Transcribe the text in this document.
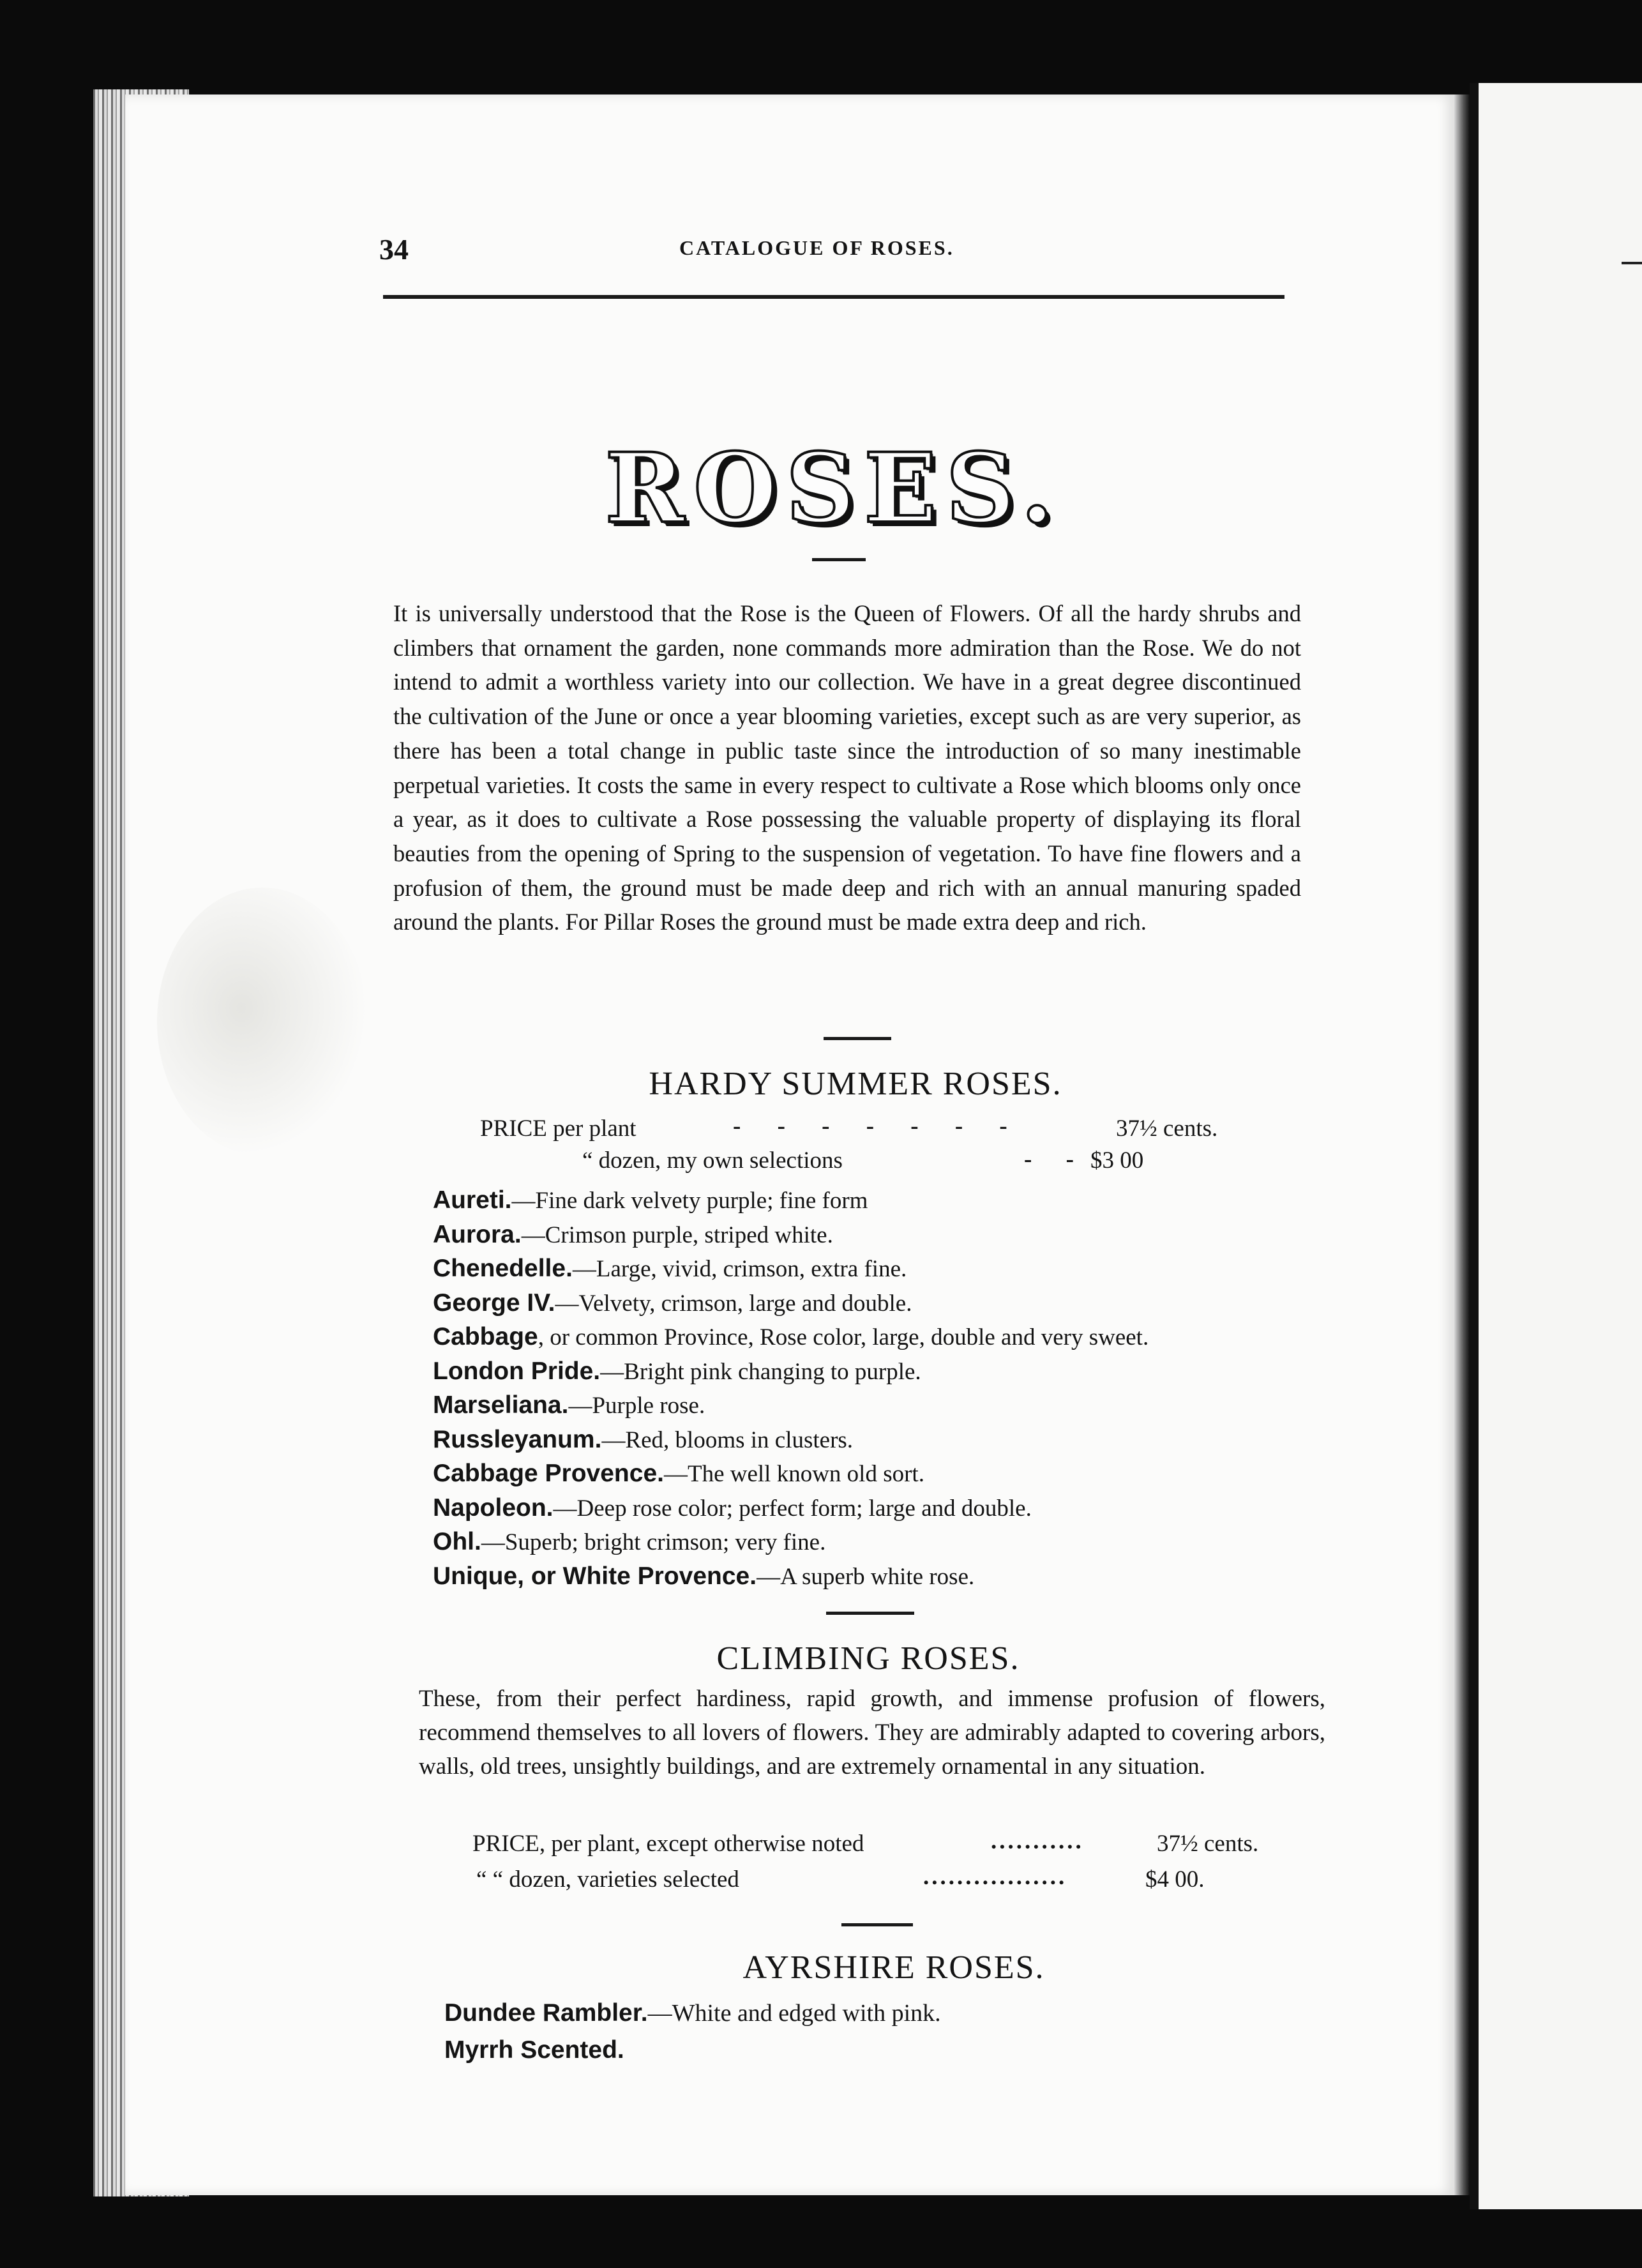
34	CATALOGUE OF ROSES.
ROSES.

It is universally understood that the Rose is the Queen of Flowers. Of all the hardy shrubs and climbers that ornament the garden, none commands more admiration than the Rose. We do not intend to admit a worthless variety into our collection. We have in a great degree discontinued the cultivation of the June or once a year blooming varieties, except such as are very superior, as there has been a total change in public taste since the introduction of so many inestimable perpetual varieties. It costs the same in every respect to cultivate a Rose which blooms only once a year, as it does to cultivate a Rose possessing the valuable property of displaying its floral beauties from the opening of Spring to the suspension of vegetation. To have fine flowers and a profusion of them, the ground must be made deep and rich with an annual manuring spaded around the plants. For Pillar Roses the ground must be made extra deep and rich.

HARDY SUMMER ROSES.
PRICE per plant	- - - - - - -	37½ cents.
“ dozen, my own selections	- - $3 00
Aureti.—Fine dark velvety purple; fine form
Aurora.—Crimson purple, striped white.
Chenedelle.—Large, vivid, crimson, extra fine.
George IV.—Velvety, crimson, large and double.
Cabbage, or common Province, Rose color, large, double and very sweet.
London Pride.—Bright pink changing to purple.
Marseliana.—Purple rose.
Russleyanum.—Red, blooms in clusters.
Cabbage Provence.—The well known old sort.
Napoleon.—Deep rose color; perfect form; large and double.
Ohl.—Superb; bright crimson; very fine.
Unique, or White Provence.—A superb white rose.
CLIMBING ROSES.

These, from their perfect hardiness, rapid growth, and immense profusion of flowers, recommend themselves to all lovers of flowers. They are admirably adapted to covering arbors, walls, old trees, unsightly buildings, and are extremely ornamental in any situation.

PRICE, per plant, except otherwise noted	...........	37½ cents.
“ “ dozen, varieties selected	.................	$4 00.
AYRSHIRE ROSES.
Dundee Rambler.—White and edged with pink.
Myrrh Scented.
